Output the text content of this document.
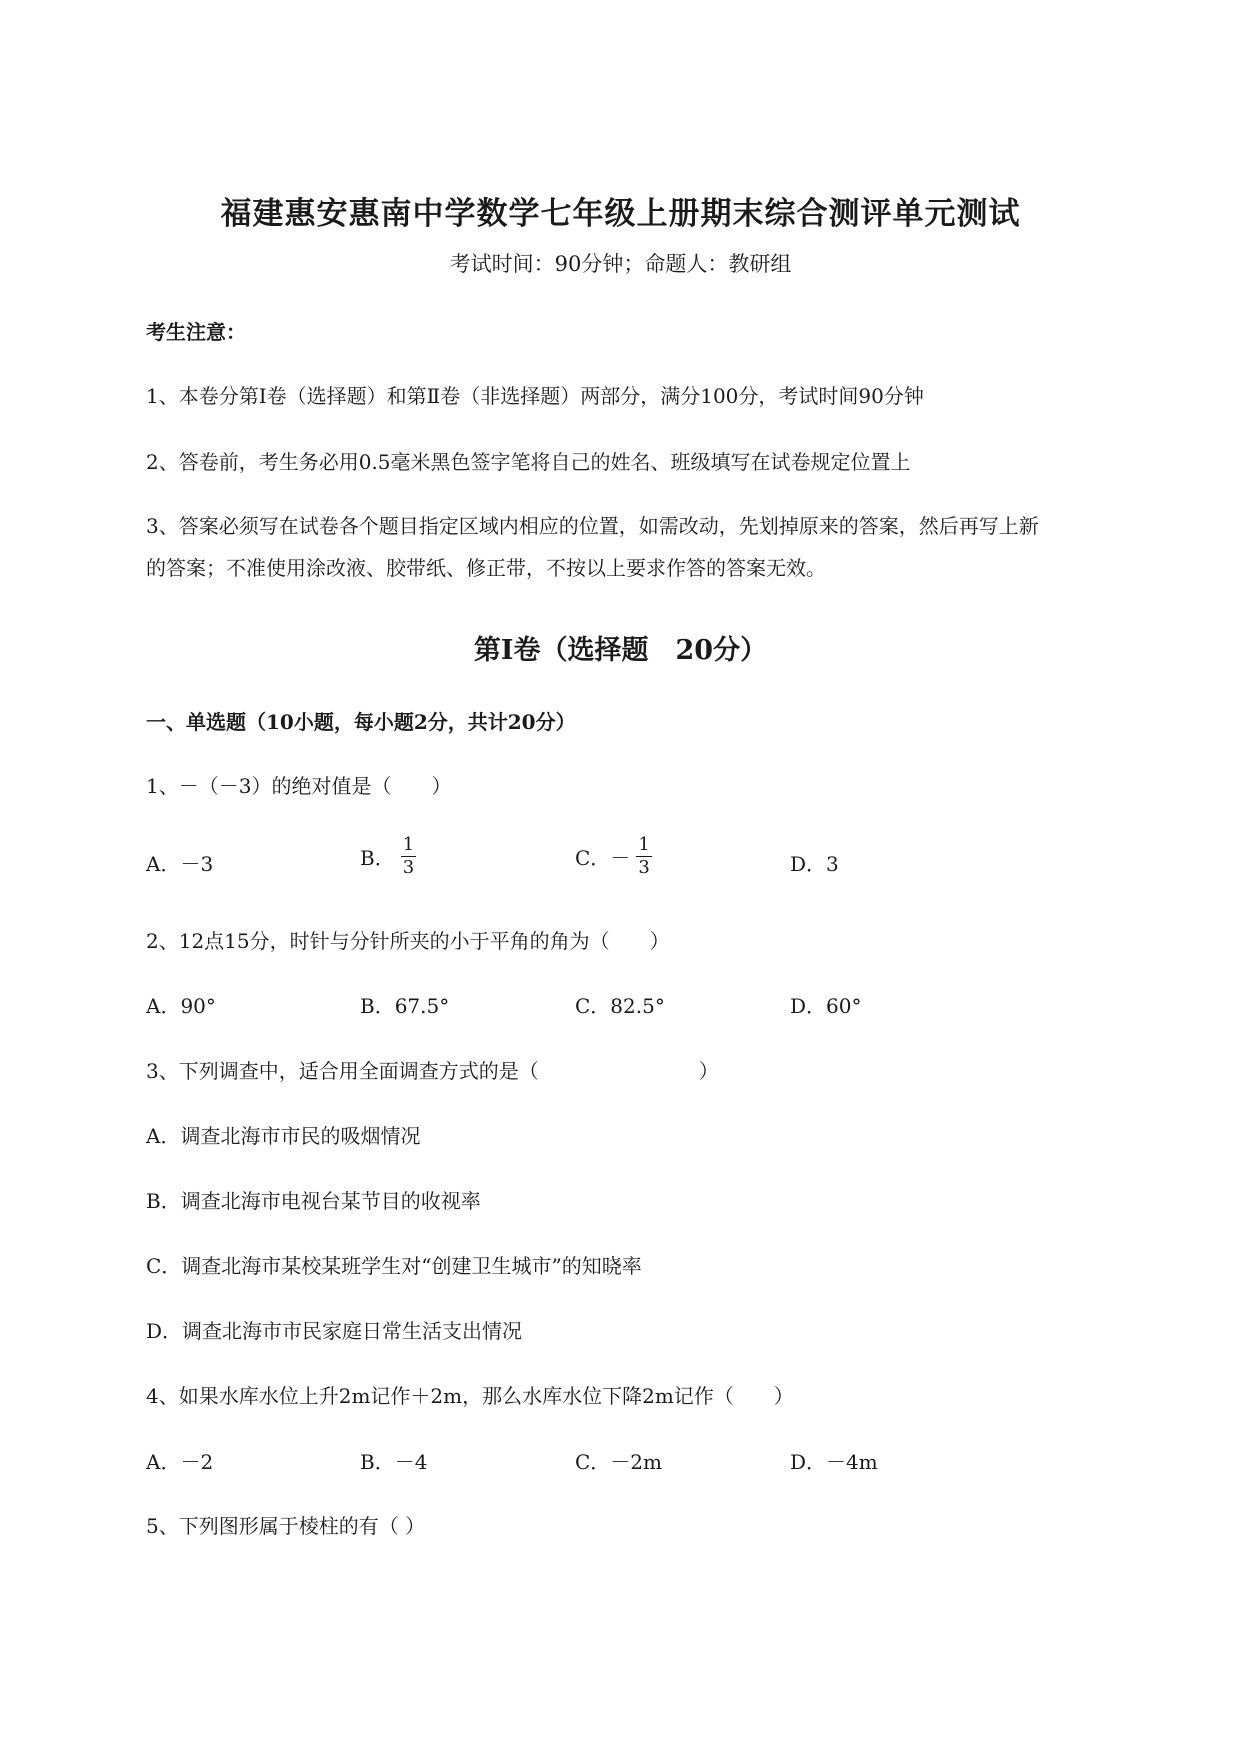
福建惠安惠南中学数学七年级上册期末综合测评单元测试
考试时间：90分钟；命题人：教研组
考生注意：
1、本卷分第I卷（选择题）和第Ⅱ卷（非选择题）两部分，满分100分，考试时间90分钟
2、答卷前，考生务必用0.5毫米黑色签字笔将自己的姓名、班级填写在试卷规定位置上
3、答案必须写在试卷各个题目指定区域内相应的位置，如需改动，先划掉原来的答案，然后再写上新
的答案；不准使用涂改液、胶带纸、修正带，不按以上要求作答的答案无效。
第I卷（选择题　20分）
一、单选题（10小题，每小题2分，共计20分）
1、－（－3）的绝对值是（　　）
A．－3	B． $\frac{1}{3}$	C．－ $\frac{1}{3}$	D．3
2、12点15分，时针与分针所夹的小于平角的角为（　　）
A．90°	B．67.5°	C．82.5°	D．60°
3、下列调查中，适合用全面调查方式的是（　　　　　　　　）
A．调查北海市市民的吸烟情况
B．调查北海市电视台某节目的收视率
C．调查北海市某校某班学生对“创建卫生城市”的知晓率
D．调查北海市市民家庭日常生活支出情况
4、如果水库水位上升2m记作＋2m，那么水库水位下降2m记作（　　）
A．－2	B．－4	C．－2m	D．－4m
5、下列图形属于棱柱的有（ ）
